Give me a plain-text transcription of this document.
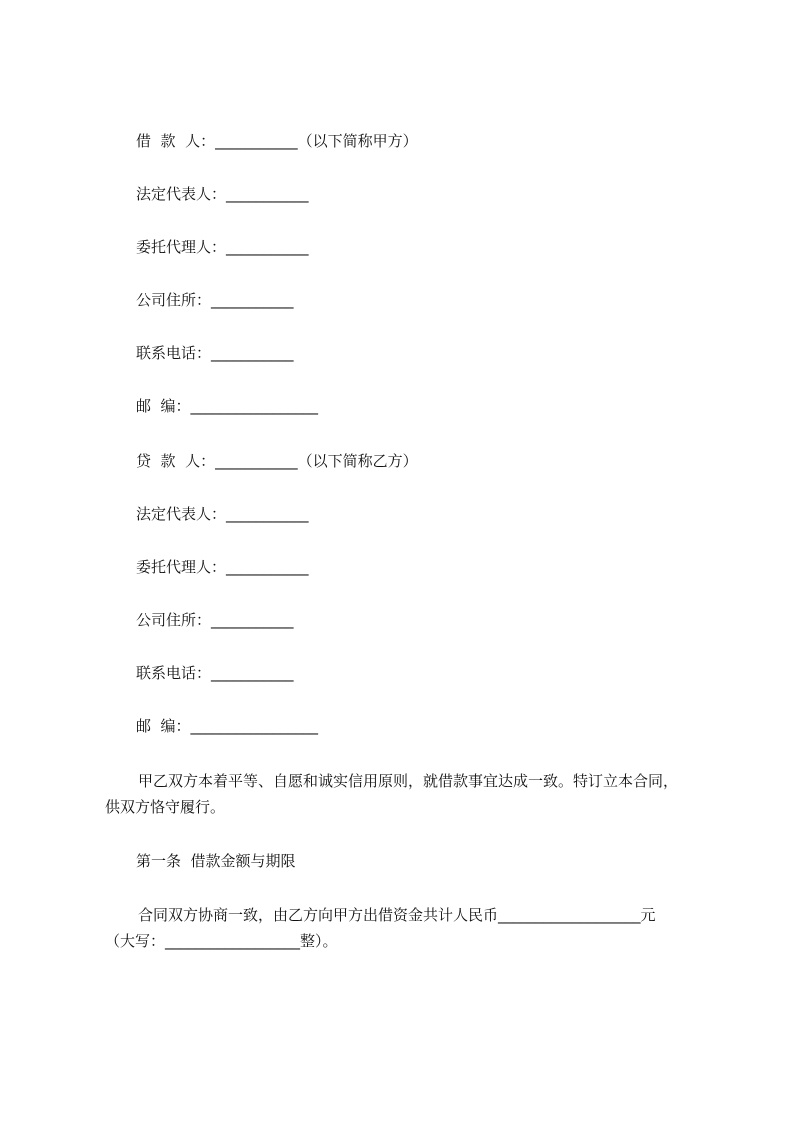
借  款  人：___________（以下简称甲方）
法定代表人：___________
委托代理人：___________
公司住所：___________
联系电话：___________
邮  编：_________________
贷  款  人：___________（以下简称乙方）
法定代表人：___________
委托代理人：___________
公司住所：___________
联系电话：___________
邮  编：_________________
甲乙双方本着平等、自愿和诚实信用原则，就借款事宜达成一致。特订立本合同，
供双方恪守履行。
第一条  借款金额与期限
合同双方协商一致，由乙方向甲方出借资金共计人民币___________________元
（大写：__________________整）。
